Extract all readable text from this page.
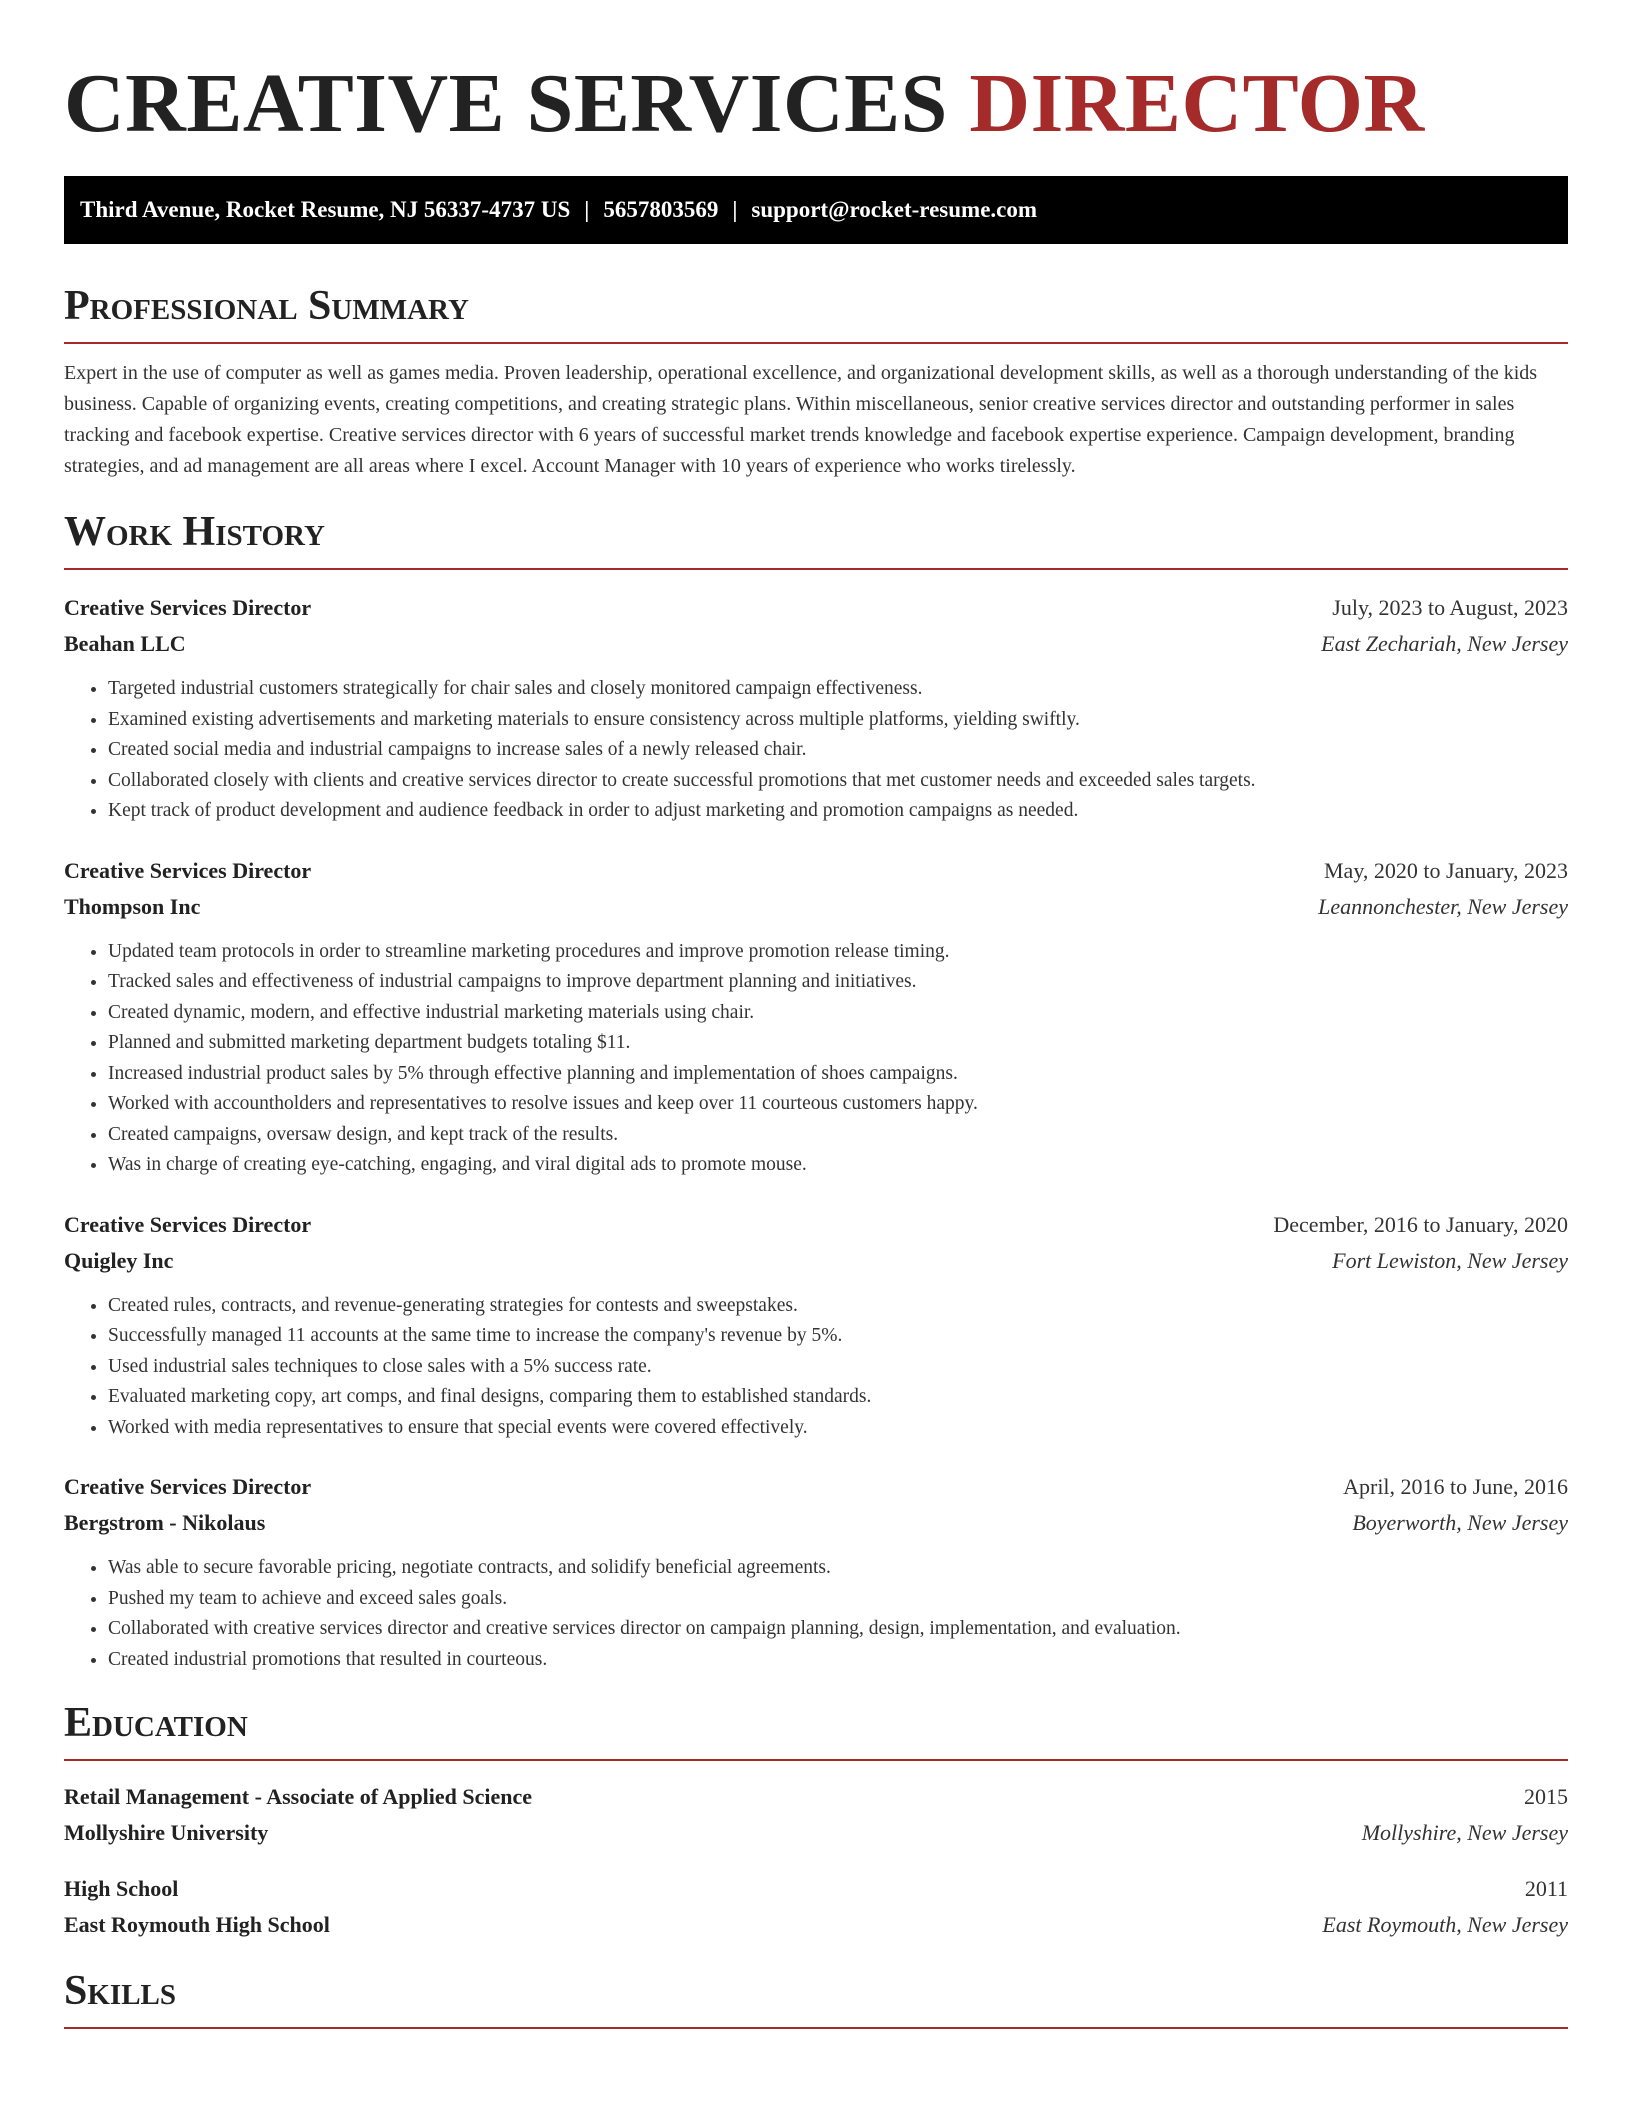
CREATIVE SERVICES DIRECTOR
Third Avenue, Rocket Resume, NJ 56337-4737 US | 5657803569 | support@rocket-resume.com
Professional Summary

Expert in the use of computer as well as games media. Proven leadership, operational excellence, and organizational development skills, as well as a thorough understanding of the kids business. Capable of organizing events, creating competitions, and creating strategic plans. Within miscellaneous, senior creative services director and outstanding performer in sales tracking and facebook expertise. Creative services director with 6 years of successful market trends knowledge and facebook expertise experience. Campaign development, branding strategies, and ad management are all areas where I excel. Account Manager with 10 years of experience who works tirelessly.

Work History
Creative Services Director	July, 2023 to August, 2023
Beahan LLC	East Zechariah, New Jersey
• Targeted industrial customers strategically for chair sales and closely monitored campaign effectiveness.
• Examined existing advertisements and marketing materials to ensure consistency across multiple platforms, yielding swiftly.
• Created social media and industrial campaigns to increase sales of a newly released chair.
• Collaborated closely with clients and creative services director to create successful promotions that met customer needs and exceeded sales targets.
• Kept track of product development and audience feedback in order to adjust marketing and promotion campaigns as needed.
Creative Services Director	May, 2020 to January, 2023
Thompson Inc	Leannonchester, New Jersey
• Updated team protocols in order to streamline marketing procedures and improve promotion release timing.
• Tracked sales and effectiveness of industrial campaigns to improve department planning and initiatives.
• Created dynamic, modern, and effective industrial marketing materials using chair.
• Planned and submitted marketing department budgets totaling $11.
• Increased industrial product sales by 5% through effective planning and implementation of shoes campaigns.
• Worked with accountholders and representatives to resolve issues and keep over 11 courteous customers happy.
• Created campaigns, oversaw design, and kept track of the results.
• Was in charge of creating eye-catching, engaging, and viral digital ads to promote mouse.
Creative Services Director	December, 2016 to January, 2020
Quigley Inc	Fort Lewiston, New Jersey
• Created rules, contracts, and revenue-generating strategies for contests and sweepstakes.
• Successfully managed 11 accounts at the same time to increase the company's revenue by 5%.
• Used industrial sales techniques to close sales with a 5% success rate.
• Evaluated marketing copy, art comps, and final designs, comparing them to established standards.
• Worked with media representatives to ensure that special events were covered effectively.
Creative Services Director	April, 2016 to June, 2016
Bergstrom - Nikolaus	Boyerworth, New Jersey
• Was able to secure favorable pricing, negotiate contracts, and solidify beneficial agreements.
• Pushed my team to achieve and exceed sales goals.
• Collaborated with creative services director and creative services director on campaign planning, design, implementation, and evaluation.
• Created industrial promotions that resulted in courteous.
Education
Retail Management - Associate of Applied Science	2015
Mollyshire University	Mollyshire, New Jersey
High School	2011
East Roymouth High School	East Roymouth, New Jersey
Skills
